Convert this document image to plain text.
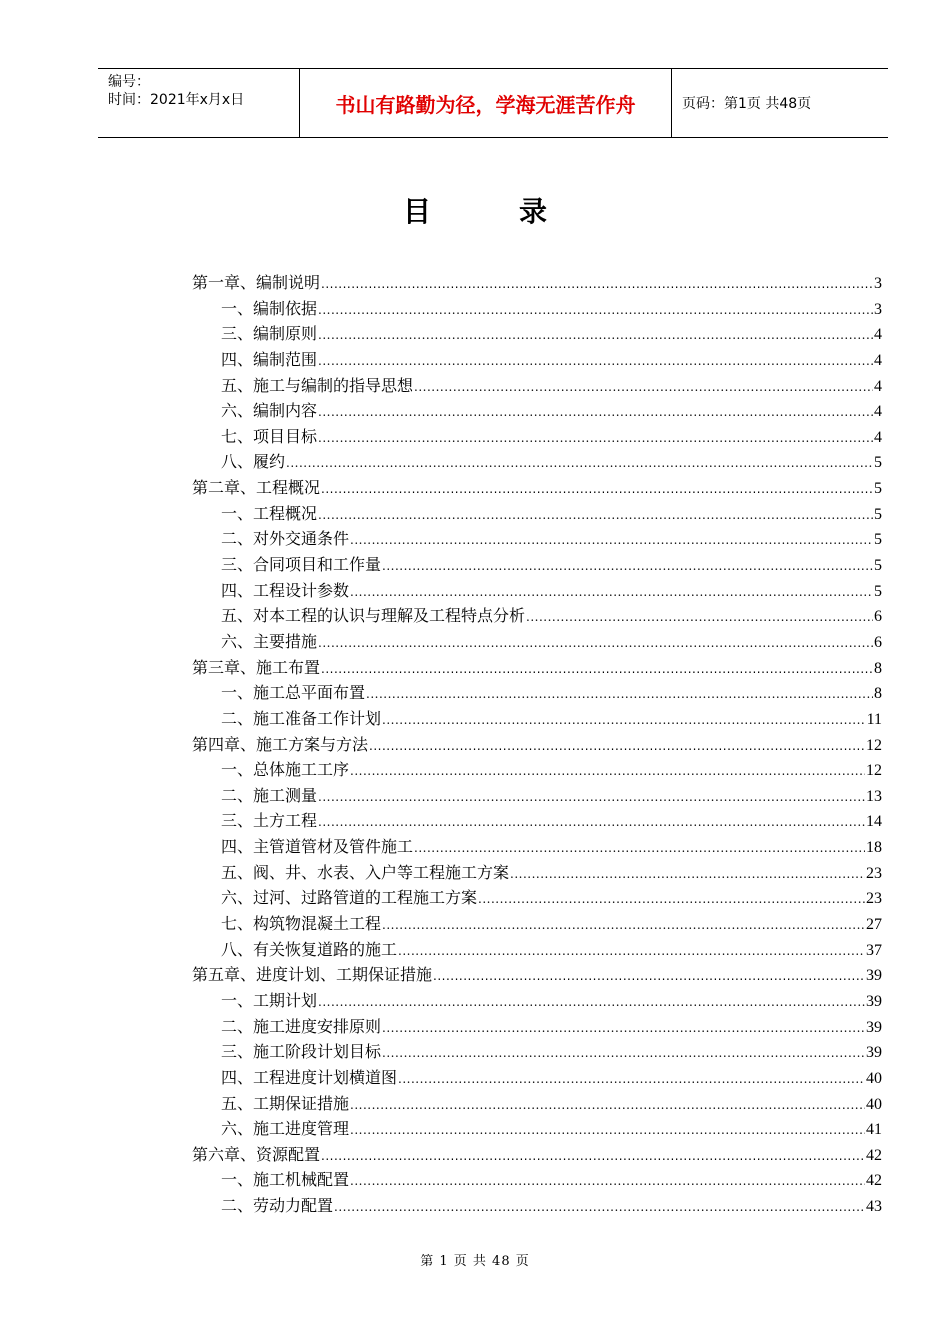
编号：
时间：2021年x月x日	书山有路勤为径，学海无涯苦作舟	页码：第1页 共48页
目	录
第一章、编制说明 .....	3
一、编制依据 .....	3
三、编制原则 .....	4
四、编制范围 .....	4
五、施工与编制的指导思想 .....	4
六、编制内容 .....	4
七、项目目标 .....	4
八、履约 .....	5
第二章、工程概况 .....	5
一、工程概况 .....	5
二、对外交通条件 .....	5
三、合同项目和工作量 .....	5
四、工程设计参数 .....	5
五、对本工程的认识与理解及工程特点分析 .....	6
六、主要措施 .....	6
第三章、施工布置 .....	8
一、施工总平面布置 .....	8
二、施工准备工作计划 .....	11
第四章、施工方案与方法 .....	12
一、总体施工工序 .....	12
二、施工测量 .....	13
三、土方工程 .....	14
四、主管道管材及管件施工 .....	18
五、阀、井、水表、入户等工程施工方案 .....	23
六、过河、过路管道的工程施工方案 .....	23
七、构筑物混凝土工程 .....	27
八、有关恢复道路的施工 .....	37
第五章、进度计划、工期保证措施 .....	39
一、工期计划 .....	39
二、施工进度安排原则 .....	39
三、施工阶段计划目标 .....	39
四、工程进度计划横道图 .....	40
五、工期保证措施 .....	40
六、施工进度管理 .....	41
第六章、资源配置 .....	42
一、施工机械配置 .....	42
二、劳动力配置 .....	43
第 1 页 共 48 页
